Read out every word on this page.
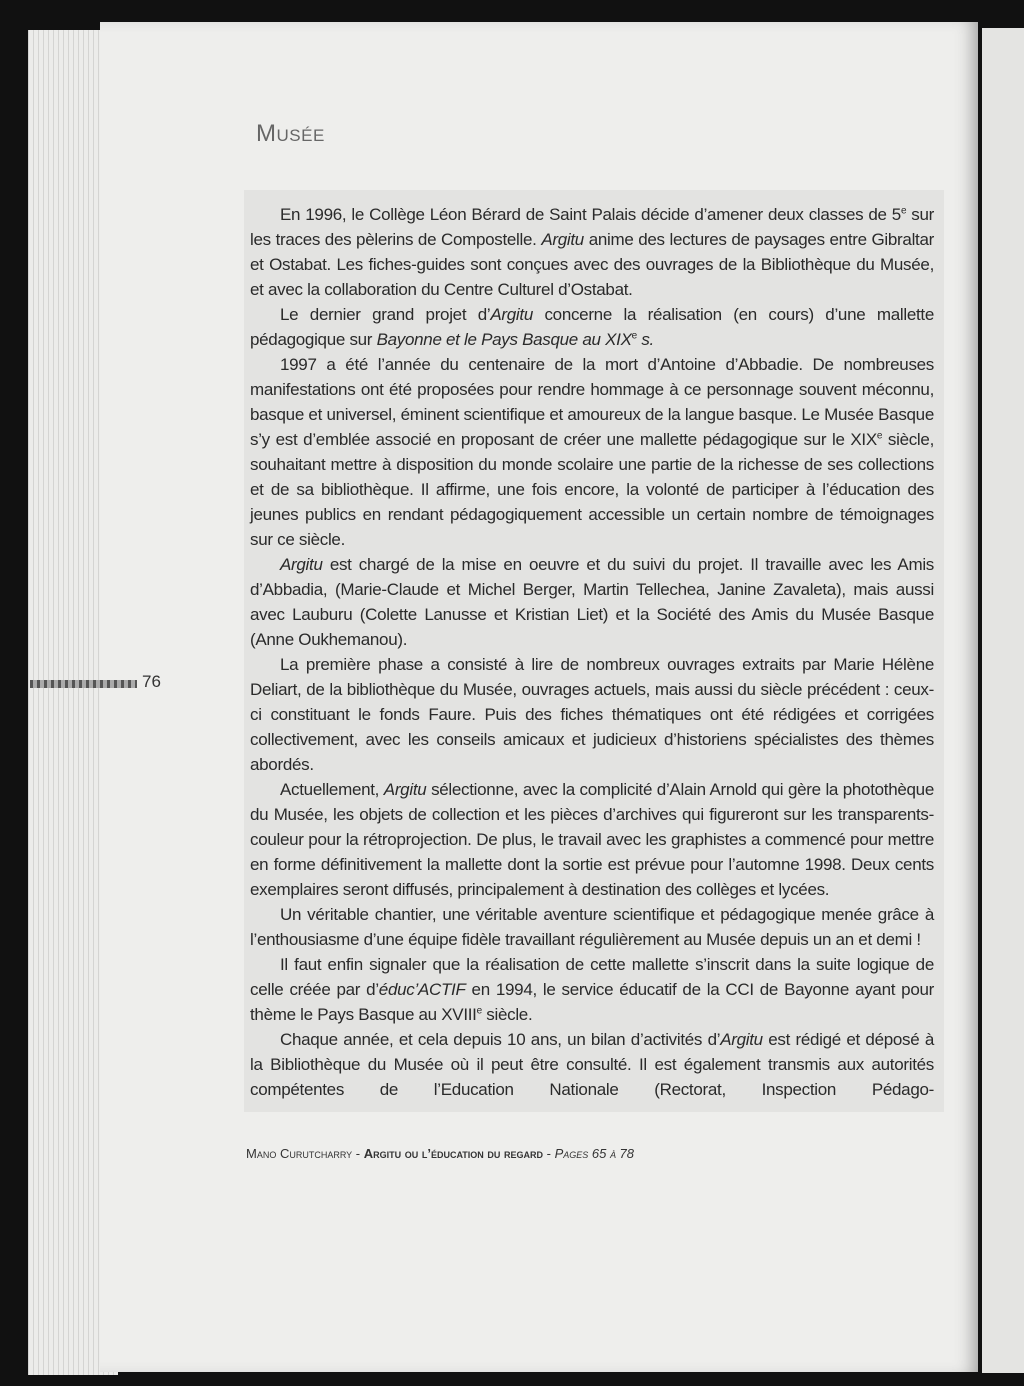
Musée

En 1996, le Collège Léon Bérard de Saint Palais décide d’amener deux classes de 5e sur les traces des pèlerins de Compostelle. Argitu anime des lectures de paysages entre Gibraltar et Ostabat. Les fiches-guides sont conçues avec des ouvrages de la Bibliothèque du Musée, et avec la collaboration du Centre Culturel d’Ostabat.

Le dernier grand projet d’Argitu concerne la réalisation (en cours) d’une mallette pédagogique sur Bayonne et le Pays Basque au XIXe s.

1997 a été l’année du centenaire de la mort d’Antoine d’Abbadie. De nombreuses manifestations ont été proposées pour rendre hommage à ce personnage souvent méconnu, basque et universel, éminent scientifique et amoureux de la langue basque. Le Musée Basque s’y est d’emblée associé en proposant de créer une mallette pédagogique sur le XIXe siècle, souhaitant mettre à disposition du monde scolaire une partie de la richesse de ses collections et de sa bibliothèque. Il affirme, une fois encore, la volonté de participer à l’éducation des jeunes publics en rendant pédagogiquement accessible un certain nombre de témoignages sur ce siècle.

Argitu est chargé de la mise en oeuvre et du suivi du projet. Il travaille avec les Amis d’Abbadia, (Marie-Claude et Michel Berger, Martin Tellechea, Janine Zavaleta), mais aussi avec Lauburu (Colette Lanusse et Kristian Liet) et la Société des Amis du Musée Basque (Anne Oukhemanou).

La première phase a consisté à lire de nombreux ouvrages extraits par Marie Hélène Deliart, de la bibliothèque du Musée, ouvrages actuels, mais aussi du siècle précédent : ceux-ci constituant le fonds Faure. Puis des fiches thématiques ont été rédigées et corrigées collectivement, avec les conseils amicaux et judicieux d’historiens spécialistes des thèmes abordés.

Actuellement, Argitu sélectionne, avec la complicité d’Alain Arnold qui gère la photothèque du Musée, les objets de collection et les pièces d’archives qui figureront sur les transparents-couleur pour la rétroprojection. De plus, le travail avec les graphistes a commencé pour mettre en forme définitivement la mallette dont la sortie est prévue pour l’automne 1998. Deux cents exemplaires seront diffusés, principalement à destination des collèges et lycées.

Un véritable chantier, une véritable aventure scientifique et pédagogique menée grâce à l’enthousiasme d’une équipe fidèle travaillant régulièrement au Musée depuis un an et demi !

Il faut enfin signaler que la réalisation de cette mallette s’inscrit dans la suite logique de celle créée par d’éduc’ACTIF en 1994, le service éducatif de la CCI de Bayonne ayant pour thème le Pays Basque au XVIIIe siècle.

Chaque année, et cela depuis 10 ans, un bilan d’activités d’Argitu est rédigé et déposé à la Bibliothèque du Musée où il peut être consulté. Il est également transmis aux autorités compétentes de l’Education Nationale (Rectorat, Inspection Pédago-

Mano Curutcharry - Argitu ou l’éducation du regard - Pages 65 à 78
76
